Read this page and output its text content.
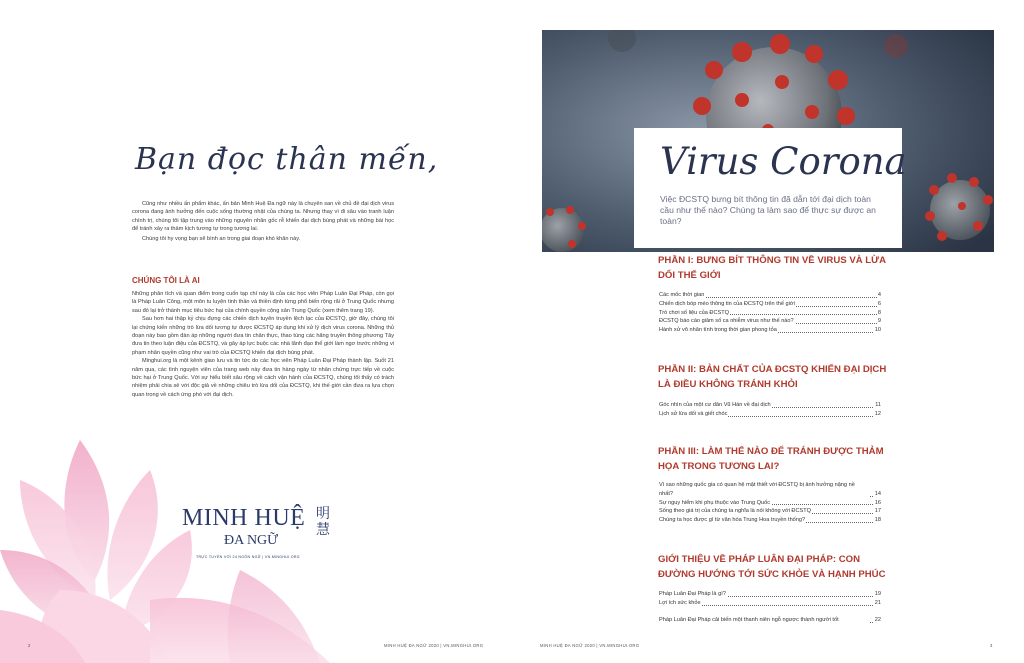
Bạn đọc thân mến,

Cũng như nhiều ấn phẩm khác, ấn bản Minh Huệ Đa ngữ này là chuyên san về chủ đề đại dịch virus corona đang ảnh hưởng đến cuộc sống thường nhật của chúng ta. Nhưng thay vì đi sâu vào tranh luận chính trị, chúng tôi tập trung vào những nguyên nhân gốc rễ khiến đại dịch bùng phát và những bài học để tránh xảy ra thảm kịch tương tự trong tương lai.

Chúng tôi hy vọng bạn sẽ bình an trong giai đoạn khó khăn này.

CHÚNG TÔI LÀ AI

Những phân tích và quan điểm trong cuốn tạp chí này là của các học viên Pháp Luân Đại Pháp, còn gọi là Pháp Luân Công, một môn tu luyện tinh thần và thiền định từng phổ biến rộng rãi ở Trung Quốc nhưng sau đó lại trở thành mục tiêu bức hại của chính quyền cộng sản Trung Quốc (xem thêm trang 19).

Sau hơn hai thập kỷ chịu đựng các chiến dịch tuyên truyền lệch lạc của ĐCSTQ, giờ đây, chúng tôi lại chứng kiến những trò lừa dối tương tự được ĐCSTQ áp dụng khi xử lý dịch virus corona. Những thủ đoạn này bao gồm đàn áp những người đưa tin chân thực, thao túng các hãng truyền thông phương Tây đưa tin theo luận điệu của ĐCSTQ, và gây áp lực buộc các nhà lãnh đạo thế giới làm ngơ trước những vi phạm nhân quyền cũng như vai trò của ĐCSTQ khiến đại dịch bùng phát.

Minghui.org là một kênh giao lưu và tin tức do các học viên Pháp Luân Đại Pháp thành lập. Suốt 21 năm qua, các tình nguyện viên của trang web này đưa tin hàng ngày từ nhân chứng trực tiếp về cuộc bức hại ở Trung Quốc. Với sự hiểu biết sâu rộng về cách vận hành của ĐCSTQ, chúng tôi thấy có trách nhiệm phải chia sẻ với độc giả về những chiêu trò lừa dối của ĐCSTQ, khi thế giới cần đưa ra lựa chọn quan trọng về cách ứng phó với đại dịch.

MINH HUỆ 明慧
ĐA NGỮ
TRỰC TUYẾN VỚI 24 NGÔN NGỮ | VN.MINGHUI.ORG
2	MINH HUỆ ĐA NGỮ 2020 | VN.MINGHUI.ORG
Virus Corona
Việc ĐCSTQ bưng bít thông tin đã dẫn tới đại dịch toàn cầu như thế nào? Chúng ta làm sao để thực sự được an toàn?
PHẦN I: BƯNG BÍT THÔNG TIN VỀ VIRUS VÀ LỪA DỐI THẾ GIỚI
Các mốc thời gian	4
Chiến dịch bóp méo thông tin của ĐCSTQ trên thế giới	6
Trò chơi số liệu của ĐCSTQ	8
ĐCSTQ báo cáo giảm số ca nhiễm virus như thế nào?	9
Hành xử vô nhân tính trong thời gian phong tỏa	10
PHẦN II: BẢN CHẤT CỦA ĐCSTQ KHIẾN ĐẠI DỊCH LÀ ĐIỀU KHÔNG TRÁNH KHỎI
Góc nhìn của một cư dân Vũ Hán về đại dịch	11
Lịch sử lừa dối và giết chóc	12
PHẦN III: LÀM THẾ NÀO ĐỂ TRÁNH ĐƯỢC THẢM HỌA TRONG TƯƠNG LAI?
Vì sao những quốc gia có quan hệ mật thiết với ĐCSTQ bị ảnh hưởng nặng nề nhất?	14
Sự nguy hiểm khi phụ thuộc vào Trung Quốc	16
Sống theo giá trị của chúng ta nghĩa là nói không với ĐCSTQ	17
Chúng ta học được gì từ văn hóa Trung Hoa truyền thống?	18
GIỚI THIỆU VỀ PHÁP LUÂN ĐẠI PHÁP: CON ĐƯỜNG HƯỚNG TỚI SỨC KHỎE VÀ HẠNH PHÚC
Pháp Luân Đại Pháp là gì?	19
Lợi ích sức khỏe	21
Pháp Luân Đại Pháp cải biến một thanh niên ngỗ ngược thành người tốt	22
MINH HUỆ ĐA NGỮ 2020 | VN.MINGHUI.ORG	3
